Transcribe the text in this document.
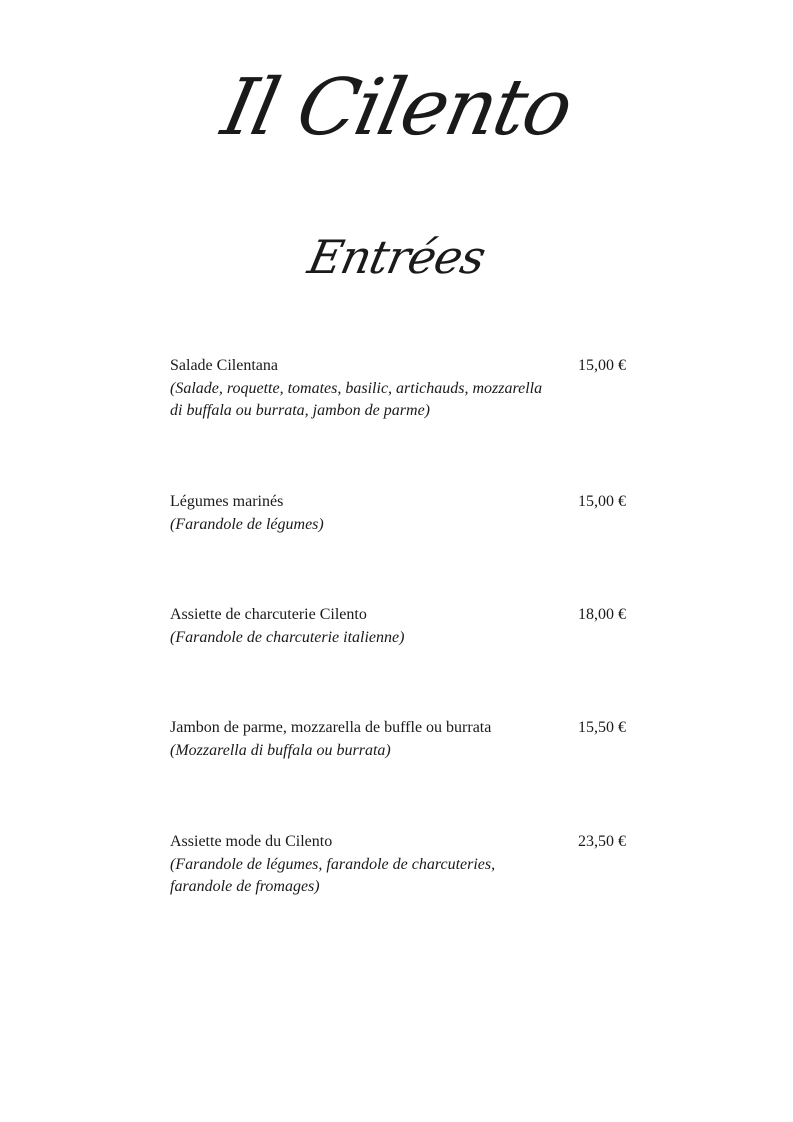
Il Cilento
Entrées
Salade Cilentana	15,00 €
(Salade, roquette, tomates, basilic, artichauds, mozzarella di buffala ou burrata, jambon de parme)
Légumes marinés	15,00 €
(Farandole de légumes)
Assiette de charcuterie Cilento	18,00 €
(Farandole de charcuterie italienne)
Jambon de parme, mozzarella de buffle ou burrata	15,50 €
(Mozzarella di buffala ou burrata)
Assiette mode du Cilento	23,50 €
(Farandole de légumes, farandole de charcuteries, farandole de fromages)
